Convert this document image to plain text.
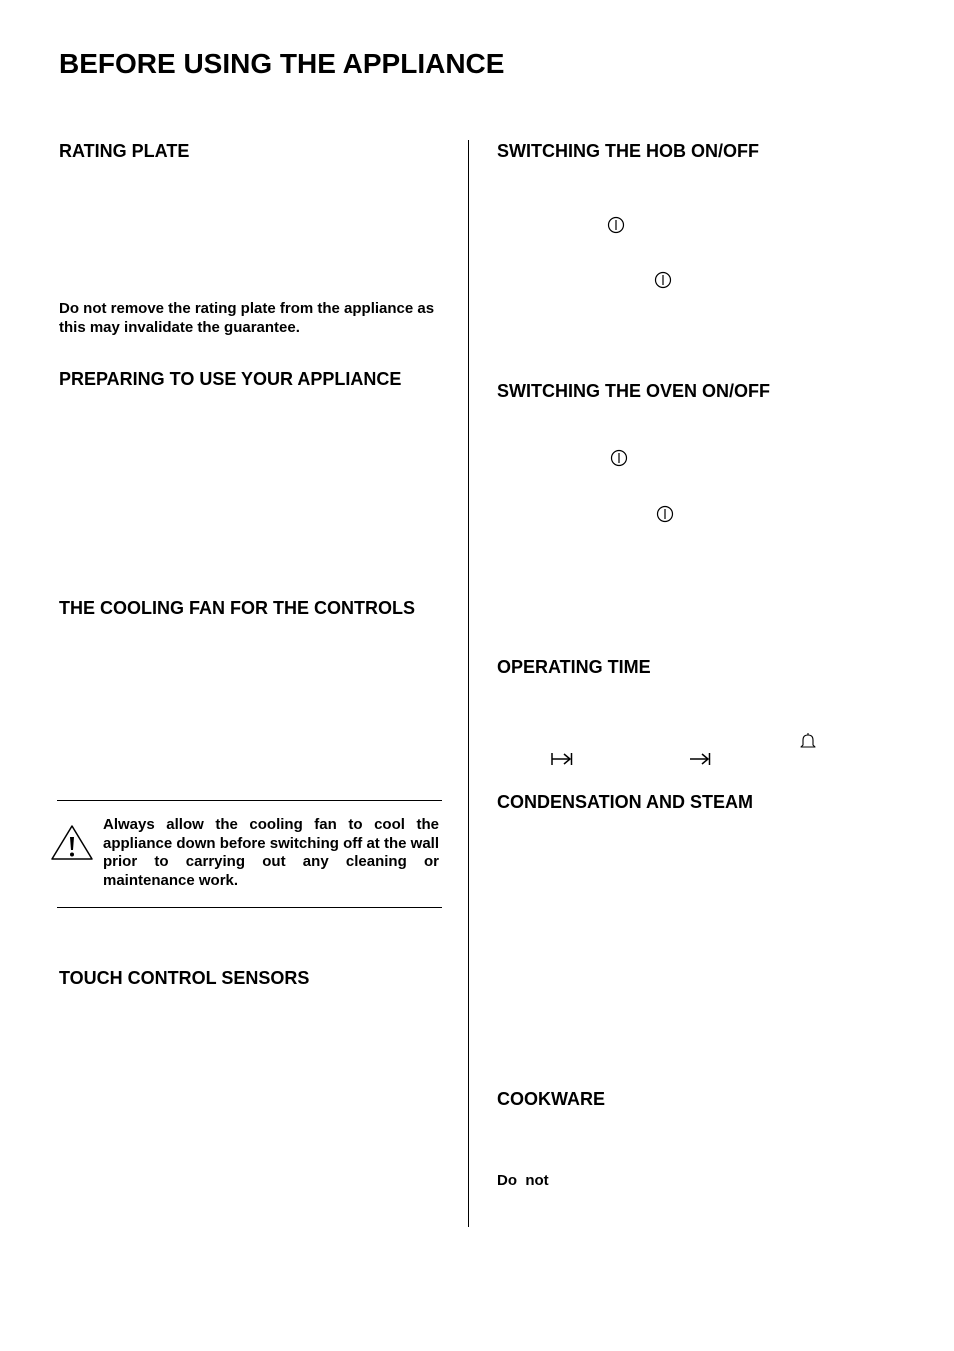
BEFORE USING THE APPLIANCE
RATING PLATE
Do not remove the rating plate from the appliance as this may invalidate the guarantee.
PREPARING TO USE YOUR APPLIANCE
THE COOLING FAN FOR THE CONTROLS
Always allow the cooling fan to cool the appliance down before switching off at the wall prior to carrying out any cleaning or maintenance work.
TOUCH CONTROL SENSORS
SWITCHING THE HOB ON/OFF
SWITCHING THE OVEN ON/OFF
OPERATING TIME
CONDENSATION AND STEAM
COOKWARE
Do  not
